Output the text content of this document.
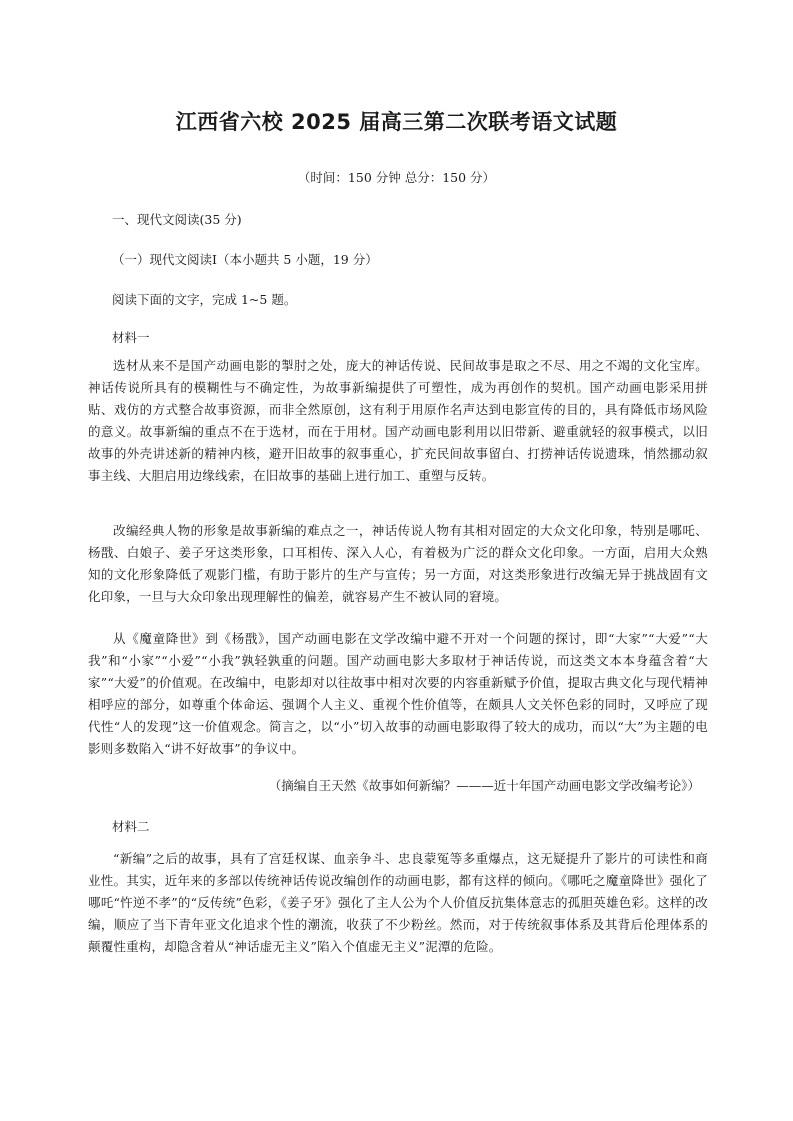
江西省六校 2025 届高三第二次联考语文试题
（时间：150 分钟 总分：150 分）
一、现代文阅读(35 分)
（一）现代文阅读Ⅰ（本小题共 5 小题，19 分）
阅读下面的文字，完成 1~5 题。
材料一

选材从来不是国产动画电影的掣肘之处，庞大的神话传说、民间故事是取之不尽、用之不竭的文化宝库。神话传说所具有的模糊性与不确定性，为故事新编提供了可塑性，成为再创作的契机。国产动画电影采用拼贴、戏仿的方式整合故事资源，而非全然原创，这有利于用原作名声达到电影宣传的目的，具有降低市场风险的意义。故事新编的重点不在于选材，而在于用材。国产动画电影利用以旧带新、避重就轻的叙事模式，以旧故事的外壳讲述新的精神内核，避开旧故事的叙事重心，扩充民间故事留白、打捞神话传说遗珠，悄然挪动叙事主线、大胆启用边缘线索，在旧故事的基础上进行加工、重塑与反转。

改编经典人物的形象是故事新编的难点之一，神话传说人物有其相对固定的大众文化印象，特别是哪吒、杨戬、白娘子、姜子牙这类形象，口耳相传、深入人心，有着极为广泛的群众文化印象。一方面，启用大众熟知的文化形象降低了观影门槛，有助于影片的生产与宣传；另一方面，对这类形象进行改编无异于挑战固有文化印象，一旦与大众印象出现理解性的偏差，就容易产生不被认同的窘境。

从《魔童降世》到《杨戬》，国产动画电影在文学改编中避不开对一个问题的探讨，即“大家”“大爱”“大我”和“小家”“小爱”“小我”孰轻孰重的问题。国产动画电影大多取材于神话传说，而这类文本本身蕴含着“大家”“大爱”的价值观。在改编中，电影却对以往故事中相对次要的内容重新赋予价值，提取古典文化与现代精神相呼应的部分，如尊重个体命运、强调个人主义、重视个性价值等，在颇具人文关怀色彩的同时，又呼应了现代性“人的发现”这一价值观念。简言之，以“小”切入故事的动画电影取得了较大的成功，而以“大”为主题的电影则多数陷入“讲不好故事”的争议中。

（摘编自王天然《故事如何新编？———近十年国产动画电影文学改编考论》）
材料二

“新编”之后的故事，具有了宫廷权谋、血亲争斗、忠良蒙冤等多重爆点，这无疑提升了影片的可读性和商业性。其实，近年来的多部以传统神话传说改编创作的动画电影，都有这样的倾向。《哪吒之魔童降世》强化了哪吒“忤逆不孝”的“反传统”色彩，《姜子牙》强化了主人公为个人价值反抗集体意志的孤胆英雄色彩。这样的改编，顺应了当下青年亚文化追求个性的潮流，收获了不少粉丝。然而，对于传统叙事体系及其背后伦理体系的颠覆性重构，却隐含着从“神话虚无主义”陷入个值虚无主义”泥潭的危险。
